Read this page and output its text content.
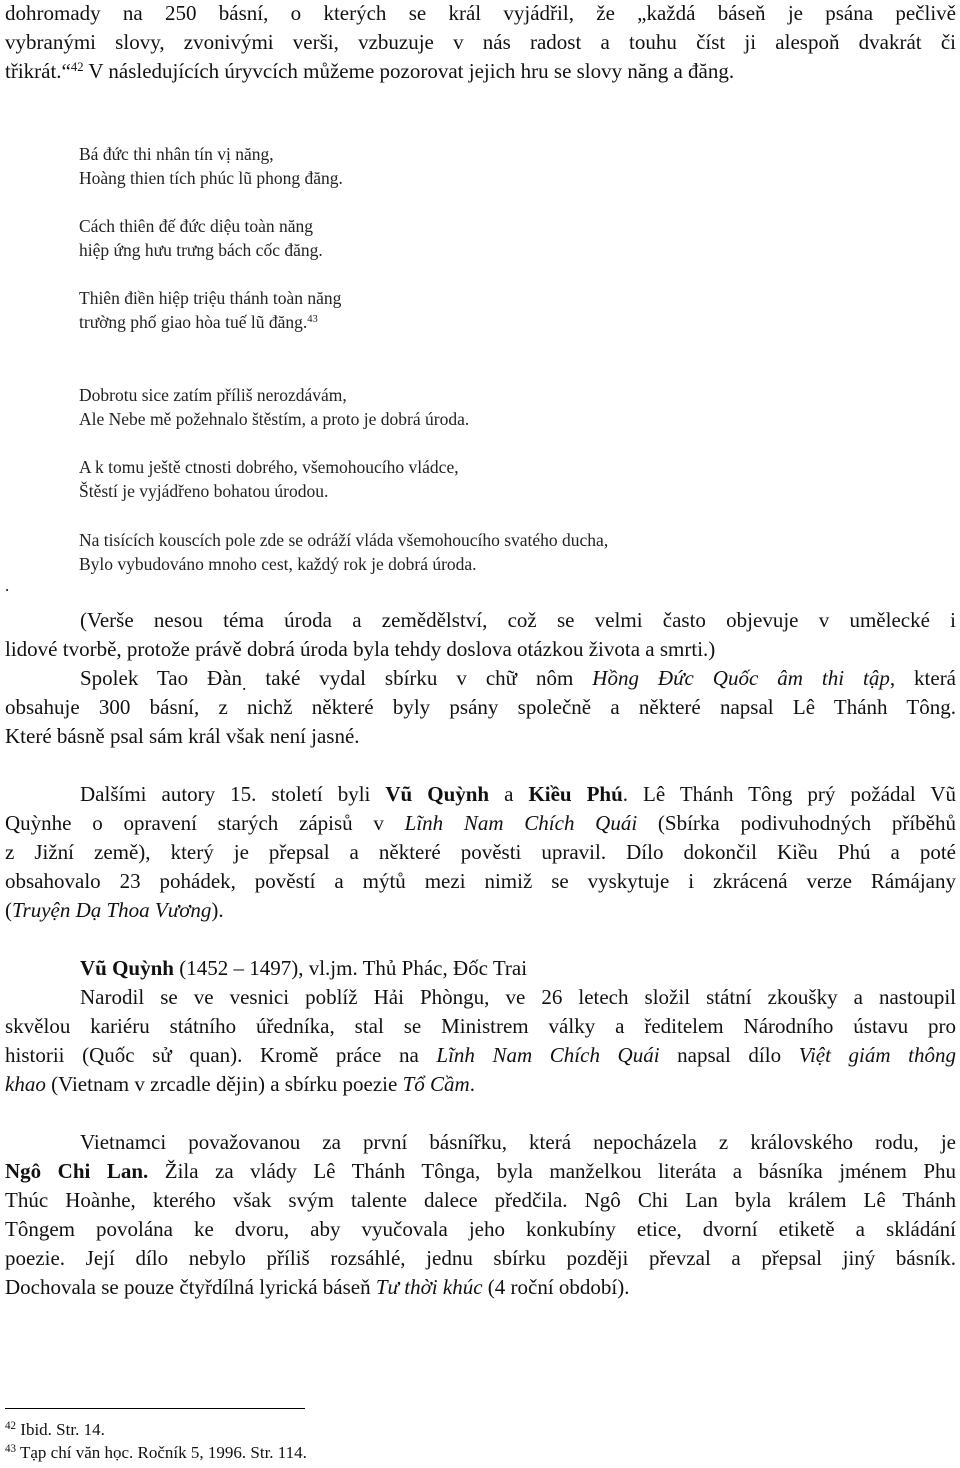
dohromady na 250 básní, o kterých se král vyjádřil, že „každá báseň je psána pečlivě
vybranými slovy, zvonivými verši, vzbuzuje v nás radost a touhu číst ji alespoň dvakrát či
třikrát.“$^{42}$ V následujících úryvcích můžeme pozorovat jejich hru se slovy năng a đăng.
Bá đức thi nhân tín vị năng,
Hoàng thien tích phúc lũ phong đăng.
Cách thiên đế đức diệu toàn năng
hiệp ứng hưu trưng bách cốc đăng.
Thiên điền hiệp triệu thánh toàn năng
trường phố giao hòa tuế lũ đăng.$^{43}$
Dobrotu sice zatím příliš nerozdávám,
Ale Nebe mě požehnalo štěstím, a proto je dobrá úroda.
A k tomu ještě ctnosti dobrého, všemohoucího vládce,
Štěstí je vyjádřeno bohatou úrodou.
Na tisících kouscích pole zde se odráží vláda všemohoucího svatého ducha,
Bylo vybudováno mnoho cest, každý rok je dobrá úroda.
.
(Verše nesou téma úroda a zemědělství, což se velmi často objevuje v umělecké i
lidové tvorbě, protože právě dobrá úroda byla tehdy doslova otázkou života a smrti.)
Spolek Tao Đàn$_.$ také vydal sbírku v chữ nôm Hồng Đức Quốc âm thi tập, která
obsahuje 300 básní, z nichž některé byly psány společně a některé napsal Lê Thánh Tông.
Které básně psal sám král však není jasné.
Dalšími autory 15. století byli Vũ Quỳnh a Kiều Phú. Lê Thánh Tông prý požádal Vũ
Quỳnhe o opravení starých zápisů v Lĩnh Nam Chích Quái (Sbírka podivuhodných příběhů
z Jižní země), který je přepsal a některé pověsti upravil. Dílo dokončil Kiều Phú a poté
obsahovalo 23 pohádek, pověstí a mýtů mezi nimiž se vyskytuje i zkrácená verze Rámájany
(Truyện Dạ Thoa Vương).
Vũ Quỳnh (1452 – 1497), vl.jm. Thủ Phác, Đốc Trai
Narodil se ve vesnici poblíž Hải Phòngu, ve 26 letech složil státní zkoušky a nastoupil
skvělou kariéru státního úředníka, stal se Ministrem války a ředitelem Národního ústavu pro
historii (Quốc sử quan). Kromě práce na Lĩnh Nam Chích Quái napsal dílo Việt giám thông
khao (Vietnam v zrcadle dějin) a sbírku poezie Tổ Cầm.
Vietnamci považovanou za první básnířku, která nepocházela z královského rodu, je
Ngô Chi Lan. Žila za vlády Lê Thánh Tônga, byla manželkou literáta a básníka jménem Phu
Thúc Hoànhe, kterého však svým talente dalece předčila. Ngô Chi Lan byla králem Lê Thánh
Tôngem povolána ke dvoru, aby vyučovala jeho konkubíny etice, dvorní etiketě a skládání
poezie. Její dílo nebylo příliš rozsáhlé, jednu sbírku později převzal a přepsal jiný básník.
Dochovala se pouze čtyřdílná lyrická báseň Tư thời khúc (4 roční období).
$^{42}$ Ibid. Str. 14.
$^{43}$ Tạp chí văn học. Ročník 5, 1996. Str. 114.
